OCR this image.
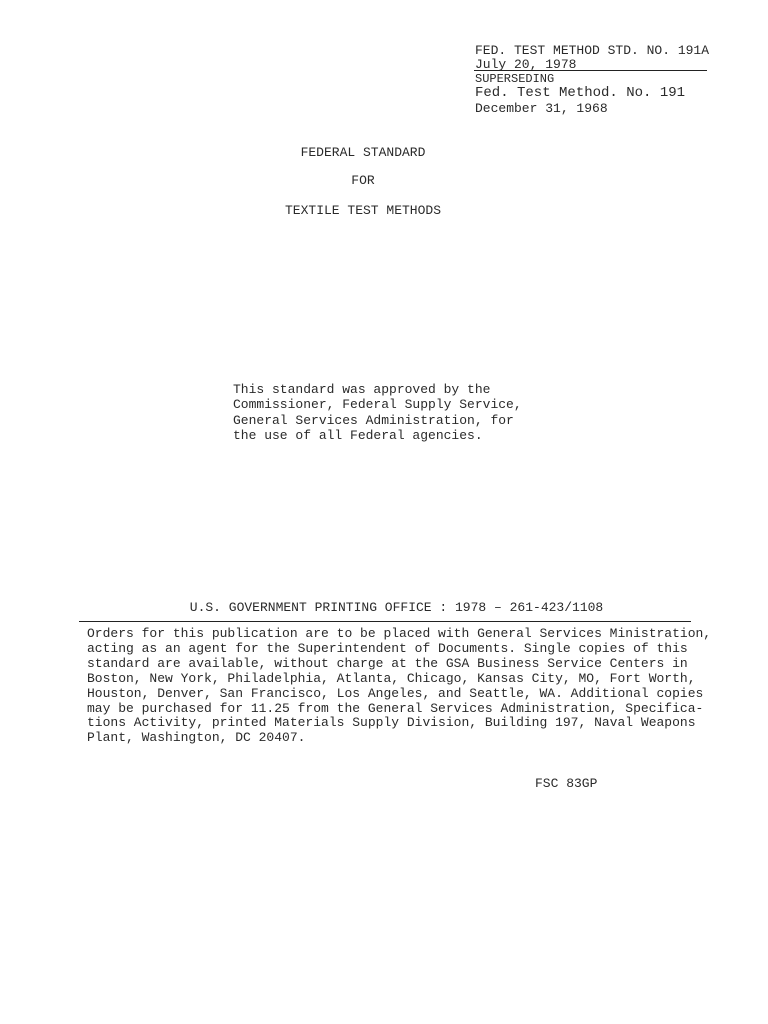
FED. TEST METHOD STD. NO. 191A
July 20, 1978
SUPERSEDING
Fed. Test Method. No. 191
December 31, 1968
FEDERAL STANDARD
FOR
TEXTILE TEST METHODS
This standard was approved by the
Commissioner, Federal Supply Service,
General Services Administration, for
the use of all Federal agencies.
U.S. GOVERNMENT PRINTING OFFICE : 1978 – 261-423/1108
Orders for this publication are to be placed with General Services Ministration,
acting as an agent for the Superintendent of Documents. Single copies of this
standard are available, without charge at the GSA Business Service Centers in
Boston, New York, Philadelphia, Atlanta, Chicago, Kansas City, MO, Fort Worth,
Houston, Denver, San Francisco, Los Angeles, and Seattle, WA. Additional copies
may be purchased for 11.25 from the General Services Administration, Specifica-
tions Activity, printed Materials Supply Division, Building 197, Naval Weapons
Plant, Washington, DC 20407.
FSC 83GP
